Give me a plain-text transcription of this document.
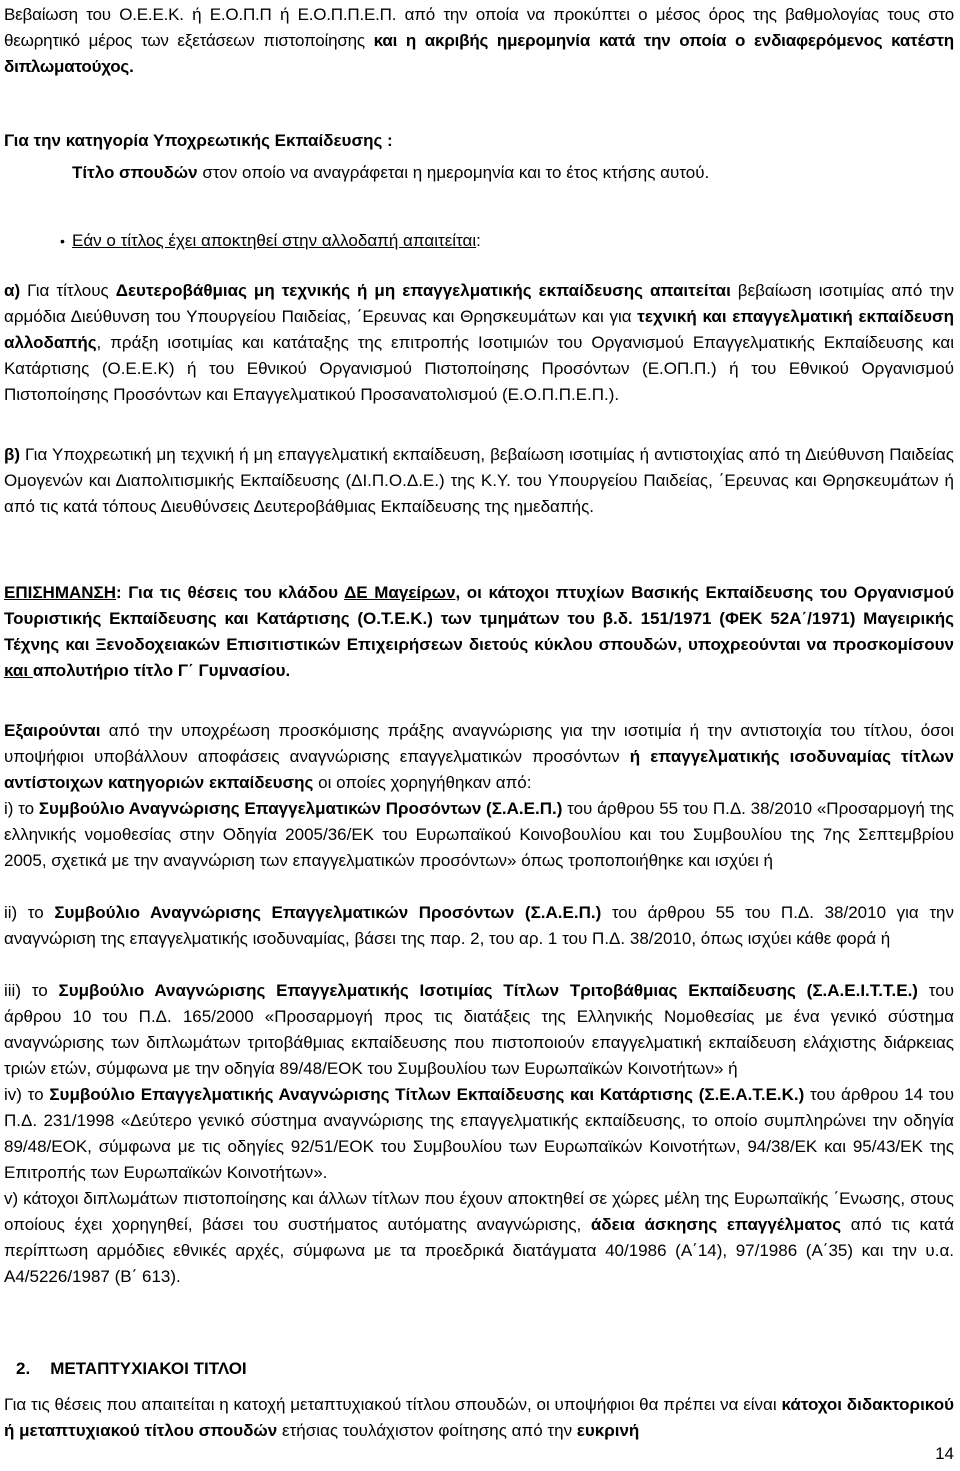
Βεβαίωση του Ο.Ε.Ε.Κ. ή Ε.Ο.Π.Π ή Ε.Ο.Π.Π.Ε.Π. από την οποία να προκύπτει ο μέσος όρος της βαθμολογίας τους στο θεωρητικό μέρος των εξετάσεων πιστοποίησης και η ακριβής ημερομηνία κατά την οποία ο ενδιαφερόμενος κατέστη διπλωματούχος.

Για την κατηγορία Υποχρεωτικής Εκπαίδευσης :

Τίτλο σπουδών στον οποίο να αναγράφεται η ημερομηνία και το έτος κτήσης αυτού.

• Εάν ο τίτλος έχει αποκτηθεί στην αλλοδαπή απαιτείται:

α) Για τίτλους Δευτεροβάθμιας μη τεχνικής ή μη επαγγελματικής εκπαίδευσης απαιτείται βεβαίωση ισοτιμίας από την αρμόδια Διεύθυνση του Υπουργείου Παιδείας, ΄Ερευνας και Θρησκευμάτων και για τεχνική και επαγγελματική εκπαίδευση αλλοδαπής, πράξη ισοτιμίας και κατάταξης της επιτροπής Ισοτιμιών του Οργανισμού Επαγγελματικής Εκπαίδευσης και Κατάρτισης (Ο.Ε.Ε.Κ) ή του Εθνικού Οργανισμού Πιστοποίησης Προσόντων (Ε.ΟΠ.Π.) ή του Εθνικού Οργανισμού Πιστοποίησης Προσόντων και Επαγγελματικού Προσανατολισμού (Ε.Ο.Π.Π.Ε.Π.).

β) Για Υποχρεωτική μη τεχνική ή μη επαγγελματική εκπαίδευση, βεβαίωση ισοτιμίας ή αντιστοιχίας από τη Διεύθυνση Παιδείας Ομογενών και Διαπολιτισμικής Εκπαίδευσης (ΔΙ.Π.Ο.Δ.Ε.) της Κ.Υ. του Υπουργείου Παιδείας, ΄Ερευνας και Θρησκευμάτων ή από τις κατά τόπους Διευθύνσεις Δευτεροβάθμιας Εκπαίδευσης της ημεδαπής.

ΕΠΙΣΗΜΑΝΣΗ: Για τις θέσεις του κλάδου ΔΕ Μαγείρων, οι κάτοχοι πτυχίων Βασικής Εκπαίδευσης του Οργανισμού Τουριστικής Εκπαίδευσης και Κατάρτισης (Ο.Τ.Ε.Κ.) των τμημάτων του β.δ. 151/1971 (ΦΕΚ 52Α΄/1971) Μαγειρικής Τέχνης και Ξενοδοχειακών Επισιτιστικών Επιχειρήσεων διετούς κύκλου σπουδών, υποχρεούνται να προσκομίσουν και απολυτήριο τίτλο Γ΄ Γυμνασίου.

Εξαιρούνται από την υποχρέωση προσκόμισης πράξης αναγνώρισης για την ισοτιμία ή την αντιστοιχία του τίτλου, όσοι υποψήφιοι υποβάλλουν αποφάσεις αναγνώρισης επαγγελματικών προσόντων ή επαγγελματικής ισοδυναμίας τίτλων αντίστοιχων κατηγοριών εκπαίδευσης οι οποίες χορηγήθηκαν από:

i) το Συμβούλιο Αναγνώρισης Επαγγελματικών Προσόντων (Σ.Α.Ε.Π.) του άρθρου 55 του Π.Δ. 38/2010 «Προσαρμογή της ελληνικής νομοθεσίας στην Οδηγία 2005/36/ΕΚ του Ευρωπαϊκού Κοινοβουλίου και του Συμβουλίου της 7ης Σεπτεμβρίου 2005, σχετικά με την αναγνώριση των επαγγελματικών προσόντων» όπως τροποποιήθηκε και ισχύει ή

ii) το Συμβούλιο Αναγνώρισης Επαγγελματικών Προσόντων (Σ.Α.Ε.Π.) του άρθρου 55 του Π.Δ. 38/2010 για την αναγνώριση της επαγγελματικής ισοδυναμίας, βάσει της παρ. 2, του αρ. 1 του Π.Δ. 38/2010, όπως ισχύει κάθε φορά ή

iii) το Συμβούλιο Αναγνώρισης Επαγγελματικής Ισοτιμίας Τίτλων Τριτοβάθμιας Εκπαίδευσης (Σ.Α.Ε.Ι.Τ.Τ.Ε.) του άρθρου 10 του Π.Δ. 165/2000 «Προσαρμογή προς τις διατάξεις της Ελληνικής Νομοθεσίας με ένα γενικό σύστημα αναγνώρισης των διπλωμάτων τριτοβάθμιας εκπαίδευσης που πιστοποιούν επαγγελματική εκπαίδευση ελάχιστης διάρκειας τριών ετών, σύμφωνα με την οδηγία 89/48/ΕΟΚ του Συμβουλίου των Ευρωπαϊκών Κοινοτήτων» ή

iv) το Συμβούλιο Επαγγελματικής Αναγνώρισης Τίτλων Εκπαίδευσης και Κατάρτισης (Σ.Ε.Α.Τ.Ε.Κ.) του άρθρου 14 του Π.Δ. 231/1998 «Δεύτερο γενικό σύστημα αναγνώρισης της επαγγελματικής εκπαίδευσης, το οποίο συμπληρώνει την οδηγία 89/48/ΕΟΚ, σύμφωνα με τις οδηγίες 92/51/ΕΟΚ του Συμβουλίου των Ευρωπαϊκών Κοινοτήτων, 94/38/ΕΚ και 95/43/ΕΚ της Επιτροπής των Ευρωπαϊκών Κοινοτήτων».

v) κάτοχοι διπλωμάτων πιστοποίησης και άλλων τίτλων που έχουν αποκτηθεί σε χώρες μέλη της Ευρωπαϊκής ΄Ενωσης, στους οποίους έχει χορηγηθεί, βάσει του συστήματος αυτόματης αναγνώρισης, άδεια άσκησης επαγγέλματος από τις κατά περίπτωση αρμόδιες εθνικές αρχές, σύμφωνα με τα προεδρικά διατάγματα 40/1986 (Α΄14), 97/1986 (Α΄35) και την υ.α. Α4/5226/1987 (Β΄ 613).

2. ΜΕΤΑΠΤΥΧΙΑΚΟΙ ΤΙΤΛΟΙ

Για τις θέσεις που απαιτείται η κατοχή μεταπτυχιακού τίτλου σπουδών, οι υποψήφιοι θα πρέπει να είναι κάτοχοι διδακτορικού ή μεταπτυχιακού τίτλου σπουδών ετήσιας τουλάχιστον φοίτησης από την ευκρινή

14
